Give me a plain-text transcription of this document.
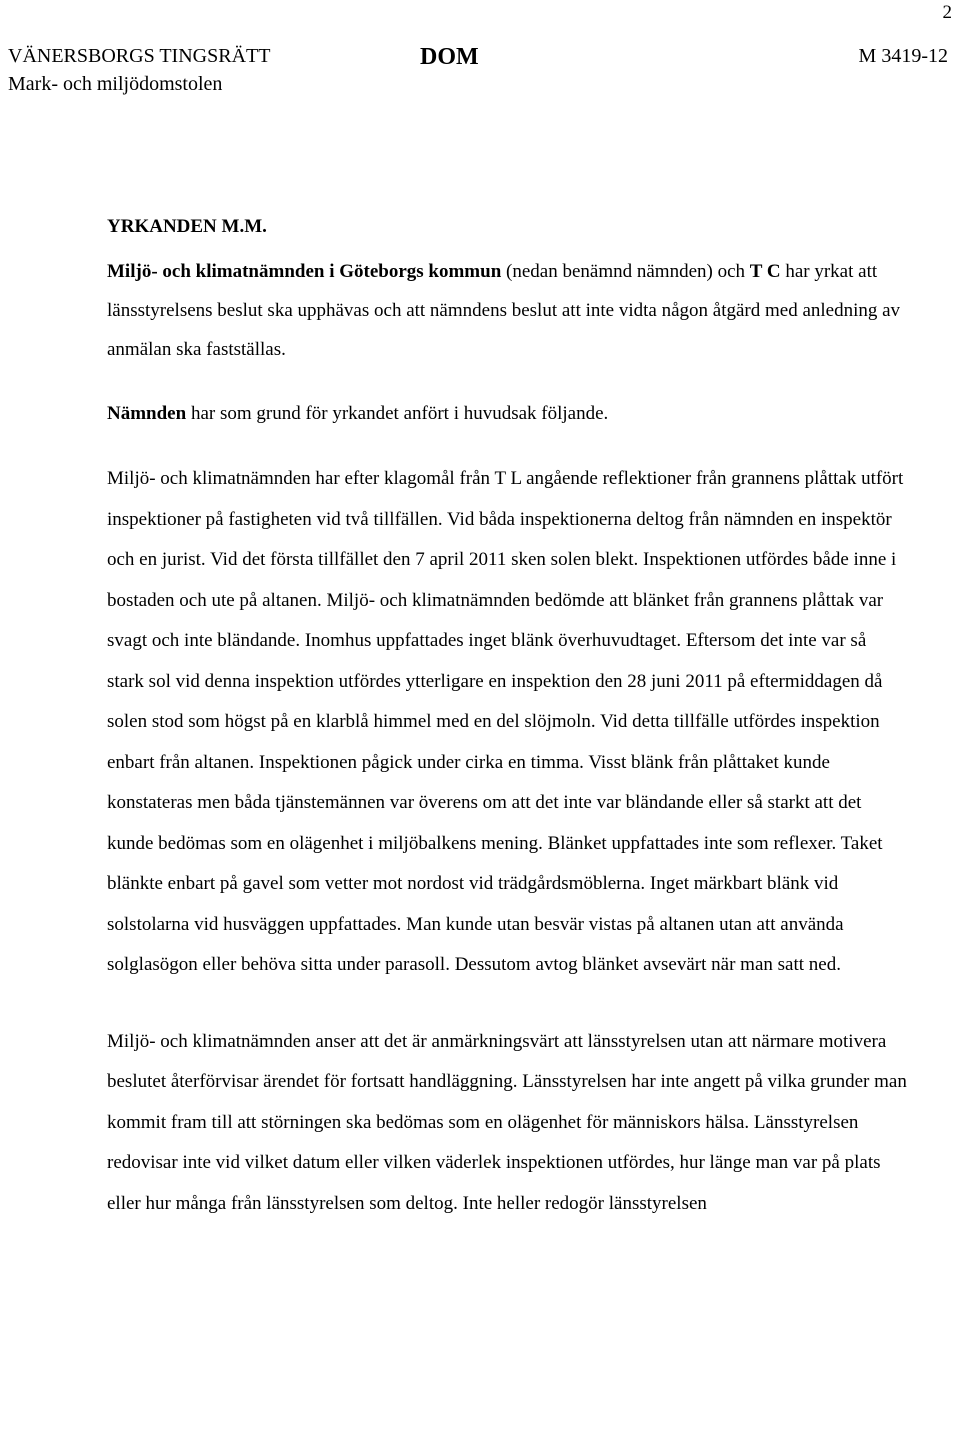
2
VÄNERSBORGS TINGSRÄTT
Mark- och miljödomstolen
DOM	M 3419-12
YRKANDEN M.M.

Miljö- och klimatnämnden i Göteborgs kommun (nedan benämnd nämnden) och T C har yrkat att länsstyrelsens beslut ska upphävas och att nämndens beslut att inte vidta någon åtgärd med anledning av anmälan ska fastställas.

Nämnden har som grund för yrkandet anfört i huvudsak följande.

Miljö- och klimatnämnden har efter klagomål från T L angående reflektioner från grannens plåttak utfört inspektioner på fastigheten vid två tillfällen. Vid båda inspektionerna deltog från nämnden en inspektör och en jurist. Vid det första tillfället den 7 april 2011 sken solen blekt. Inspektionen utfördes både inne i bostaden och ute på altanen. Miljö- och klimatnämnden bedömde att blänket från grannens plåttak var svagt och inte bländande. Inomhus uppfattades inget blänk överhuvudtaget. Eftersom det inte var så stark sol vid denna inspektion utfördes ytterligare en inspektion den 28 juni 2011 på eftermiddagen då solen stod som högst på en klarblå himmel med en del slöjmoln. Vid detta tillfälle utfördes inspektion enbart från altanen. Inspektionen pågick under cirka en timma. Visst blänk från plåttaket kunde konstateras men båda tjänstemännen var överens om att det inte var bländande eller så starkt att det kunde bedömas som en olägenhet i miljöbalkens mening. Blänket uppfattades inte som reflexer. Taket blänkte enbart på gavel som vetter mot nordost vid trädgårdsmöblerna. Inget märkbart blänk vid solstolarna vid husväggen uppfattades. Man kunde utan besvär vistas på altanen utan att använda solglasögon eller behöva sitta under parasoll. Dessutom avtog blänket avsevärt när man satt ned.

Miljö- och klimatnämnden anser att det är anmärkningsvärt att länsstyrelsen utan att närmare motivera beslutet återförvisar ärendet för fortsatt handläggning. Länsstyrelsen har inte angett på vilka grunder man kommit fram till att störningen ska bedömas som en olägenhet för människors hälsa. Länsstyrelsen redovisar inte vid vilket datum eller vilken väderlek inspektionen utfördes, hur länge man var på plats eller hur många från länsstyrelsen som deltog. Inte heller redogör länsstyrelsen
